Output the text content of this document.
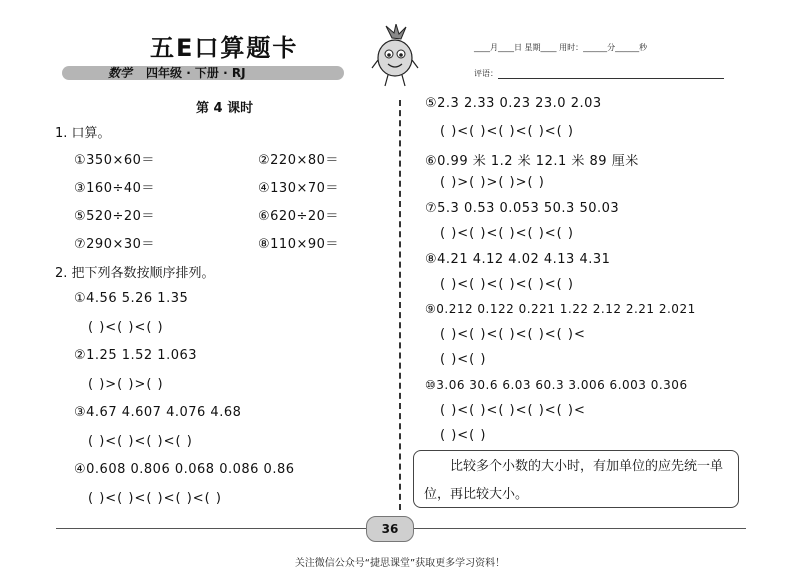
五E口算题卡
数学 四年级 · 下册 · RJ
____月____日 星期____ 用时：______分______秒
评语：
第 4 课时
1. 口算。
①350×60＝	②220×80＝
③160÷40＝	④130×70＝
⑤520÷20＝	⑥620÷20＝
⑦290×30＝	⑧110×90＝
2. 把下列各数按顺序排列。
①4.56 5.26 1.35
( )<( )<( )
②1.25 1.52 1.063
( )>( )>( )
③4.67 4.607 4.076 4.68
( )<( )<( )<( )
④0.608 0.806 0.068 0.086 0.86
( )<( )<( )<( )<( )
⑤2.3 2.33 0.23 23.0 2.03
( )<( )<( )<( )<( )
⑥0.99 米 1.2 米 12.1 米 89 厘米
( )>( )>( )>( )
⑦5.3 0.53 0.053 50.3 50.03
( )<( )<( )<( )<( )
⑧4.21 4.12 4.02 4.13 4.31
( )<( )<( )<( )<( )
⑨0.212 0.122 0.221 1.22 2.12 2.21 2.021
( )<( )<( )<( )<( )<
( )<( )
⑩3.06 30.6 6.03 60.3 3.006 6.003 0.306
( )<( )<( )<( )<( )<
( )<( )
比较多个小数的大小时，有加单位的应先统一单位，再比较大小。
36
关注微信公众号“捷思课堂”获取更多学习资料！
